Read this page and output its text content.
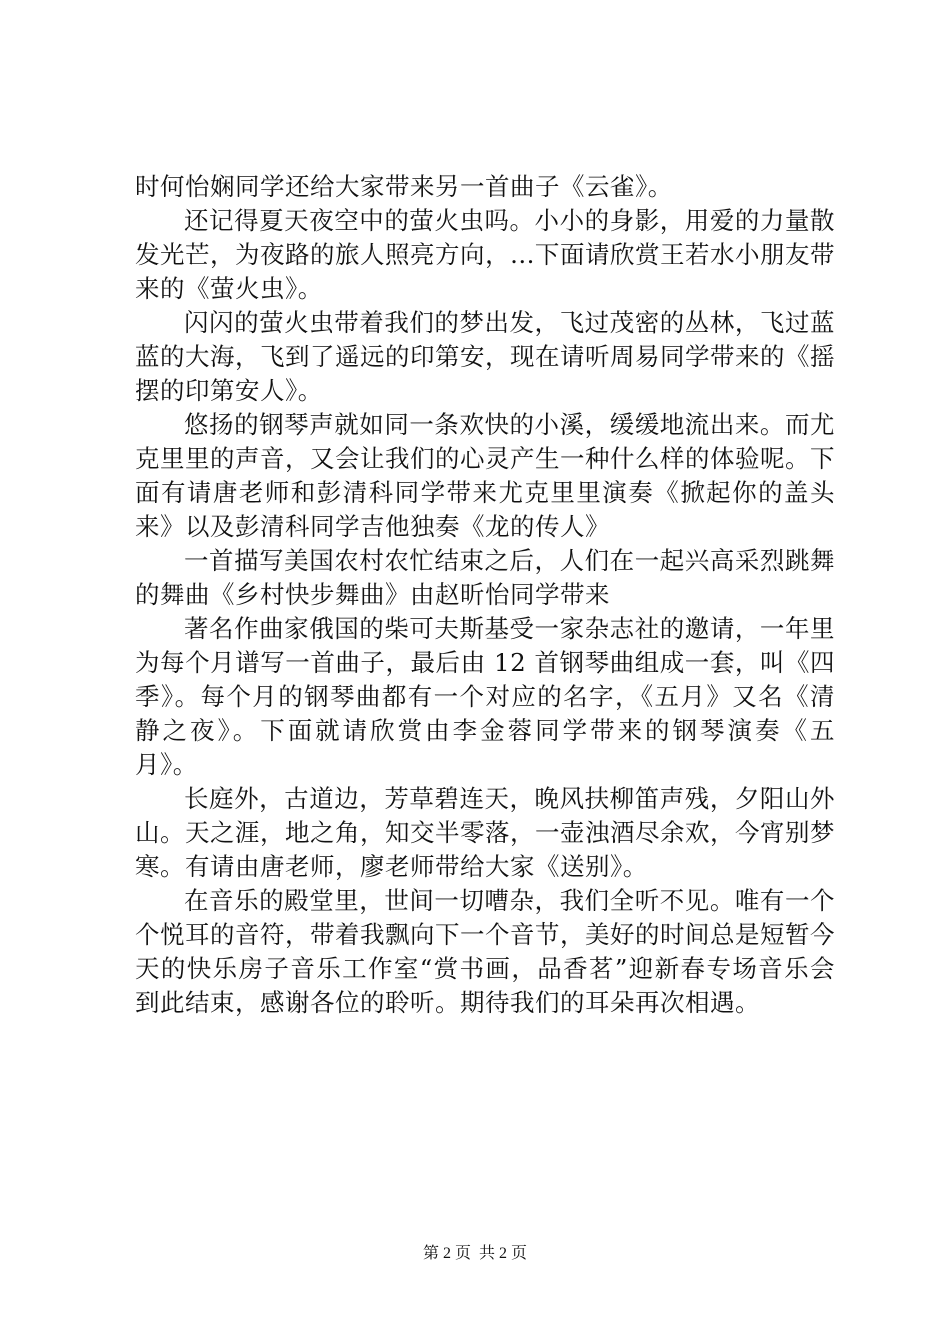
时何怡娴同学还给大家带来另一首曲子《云雀》。

还记得夏天夜空中的萤火虫吗。小小的身影，用爱的力量散发光芒，为夜路的旅人照亮方向，...下面请欣赏王若水小朋友带来的《萤火虫》。

闪闪的萤火虫带着我们的梦出发，飞过茂密的丛林，飞过蓝蓝的大海，飞到了遥远的印第安，现在请听周易同学带来的《摇摆的印第安人》。

悠扬的钢琴声就如同一条欢快的小溪，缓缓地流出来。而尤克里里的声音，又会让我们的心灵产生一种什么样的体验呢。下面有请唐老师和彭清科同学带来尤克里里演奏《掀起你的盖头来》以及彭清科同学吉他独奏《龙的传人》

一首描写美国农村农忙结束之后，人们在一起兴高采烈跳舞的舞曲《乡村快步舞曲》由赵昕怡同学带来

著名作曲家俄国的柴可夫斯基受一家杂志社的邀请，一年里为每个月谱写一首曲子，最后由 12 首钢琴曲组成一套，叫《四季》。每个月的钢琴曲都有一个对应的名字，《五月》又名《清静之夜》。下面就请欣赏由李金蓉同学带来的钢琴演奏《五月》。

长庭外，古道边，芳草碧连天，晚风扶柳笛声残，夕阳山外山。天之涯，地之角，知交半零落，一壶浊酒尽余欢，今宵别梦寒。有请由唐老师，廖老师带给大家《送别》。

在音乐的殿堂里，世间一切嘈杂，我们全听不见。唯有一个个悦耳的音符，带着我飘向下一个音节，美好的时间总是短暂今天的快乐房子音乐工作室“赏书画，品香茗”迎新春专场音乐会到此结束，感谢各位的聆听。期待我们的耳朵再次相遇。

第 2 页  共 2 页
